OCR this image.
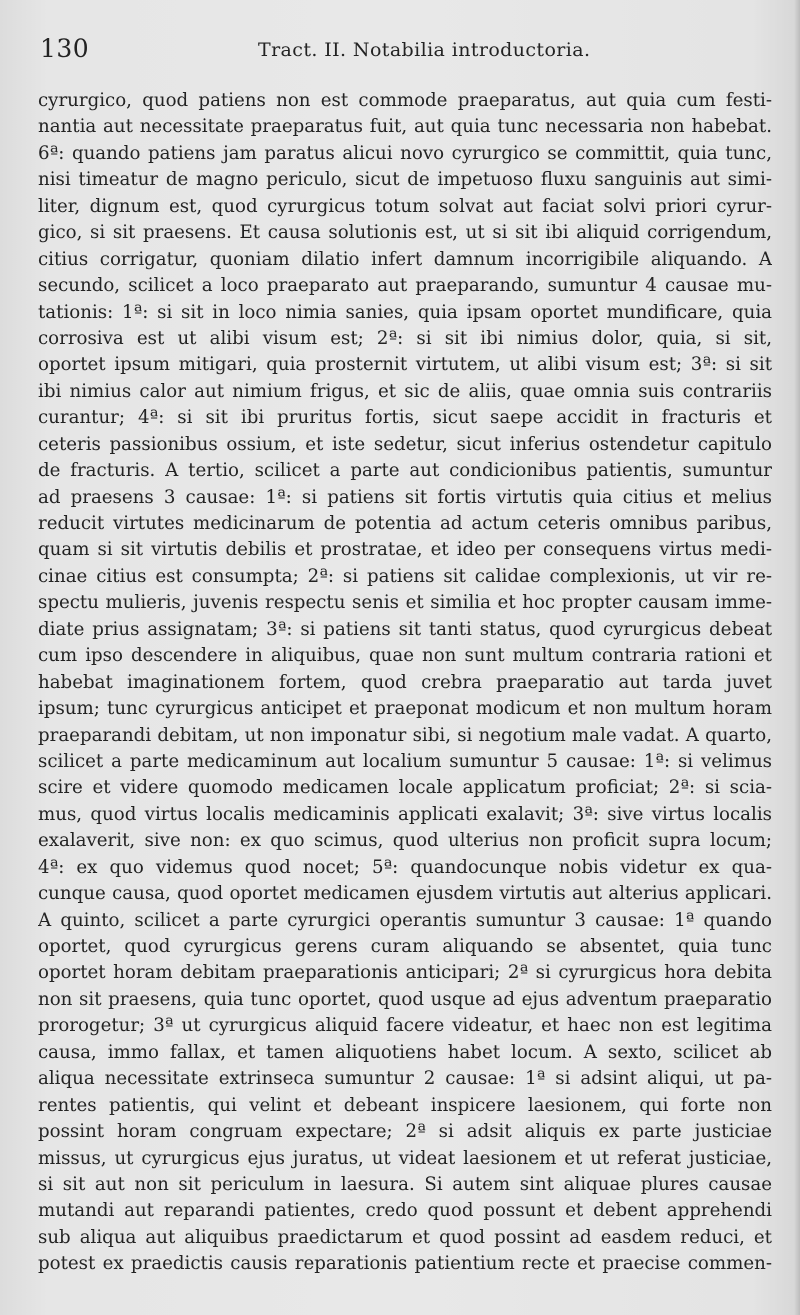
130	Tract. II. Notabilia introductoria.
cyrurgico, quod patiens non est commode praeparatus, aut quia cum festi-
nantia aut necessitate praeparatus fuit, aut quia tunc necessaria non habebat.
6ª: quando patiens jam paratus alicui novo cyrurgico se committit, quia tunc,
nisi timeatur de magno periculo, sicut de impetuoso fluxu sanguinis aut simi-
liter, dignum est, quod cyrurgicus totum solvat aut faciat solvi priori cyrur-
gico, si sit praesens. Et causa solutionis est, ut si sit ibi aliquid corrigendum,
citius corrigatur, quoniam dilatio infert damnum incorrigibile aliquando. A
secundo, scilicet a loco praeparato aut praeparando, sumuntur 4 causae mu-
tationis: 1ª: si sit in loco nimia sanies, quia ipsam oportet mundificare, quia
corrosiva est ut alibi visum est; 2ª: si sit ibi nimius dolor, quia, si sit,
oportet ipsum mitigari, quia prosternit virtutem, ut alibi visum est; 3ª: si sit
ibi nimius calor aut nimium frigus, et sic de aliis, quae omnia suis contrariis
curantur; 4ª: si sit ibi pruritus fortis, sicut saepe accidit in fracturis et
ceteris passionibus ossium, et iste sedetur, sicut inferius ostendetur capitulo
de fracturis. A tertio, scilicet a parte aut condicionibus patientis, sumuntur
ad praesens 3 causae: 1ª: si patiens sit fortis virtutis quia citius et melius
reducit virtutes medicinarum de potentia ad actum ceteris omnibus paribus,
quam si sit virtutis debilis et prostratae, et ideo per consequens virtus medi-
cinae citius est consumpta; 2ª: si patiens sit calidae complexionis, ut vir re-
spectu mulieris, juvenis respectu senis et similia et hoc propter causam imme-
diate prius assignatam; 3ª: si patiens sit tanti status, quod cyrurgicus debeat
cum ipso descendere in aliquibus, quae non sunt multum contraria rationi et
habebat imaginationem fortem, quod crebra praeparatio aut tarda juvet
ipsum; tunc cyrurgicus anticipet et praeponat modicum et non multum horam
praeparandi debitam, ut non imponatur sibi, si negotium male vadat. A quarto,
scilicet a parte medicaminum aut localium sumuntur 5 causae: 1ª: si velimus
scire et videre quomodo medicamen locale applicatum proficiat; 2ª: si scia-
mus, quod virtus localis medicaminis applicati exalavit; 3ª: sive virtus localis
exalaverit, sive non: ex quo scimus, quod ulterius non proficit supra locum;
4ª: ex quo videmus quod nocet; 5ª: quandocunque nobis videtur ex qua-
cunque causa, quod oportet medicamen ejusdem virtutis aut alterius applicari.
A quinto, scilicet a parte cyrurgici operantis sumuntur 3 causae: 1ª quando
oportet, quod cyrurgicus gerens curam aliquando se absentet, quia tunc
oportet horam debitam praeparationis anticipari; 2ª si cyrurgicus hora debita
non sit praesens, quia tunc oportet, quod usque ad ejus adventum praeparatio
prorogetur; 3ª ut cyrurgicus aliquid facere videatur, et haec non est legitima
causa, immo fallax, et tamen aliquotiens habet locum. A sexto, scilicet ab
aliqua necessitate extrinseca sumuntur 2 causae: 1ª si adsint aliqui, ut pa-
rentes patientis, qui velint et debeant inspicere laesionem, qui forte non
possint horam congruam expectare; 2ª si adsit aliquis ex parte justiciae
missus, ut cyrurgicus ejus juratus, ut videat laesionem et ut referat justiciae,
si sit aut non sit periculum in laesura. Si autem sint aliquae plures causae
mutandi aut reparandi patientes, credo quod possunt et debent apprehendi
sub aliqua aut aliquibus praedictarum et quod possint ad easdem reduci, et
potest ex praedictis causis reparationis patientium recte et praecise commen-
